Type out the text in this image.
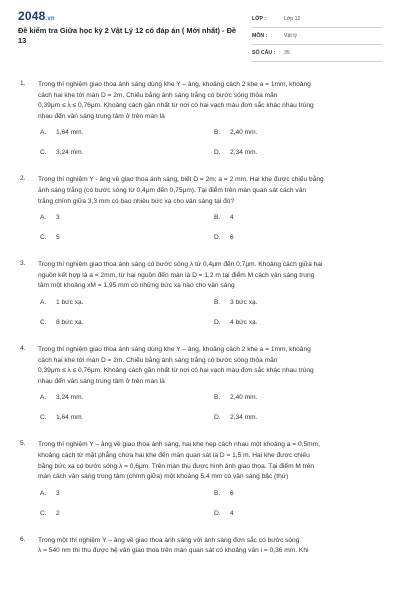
2048.vn
Đề kiểm tra Giữa học kỳ 2 Vật Lý 12 có đáp án ( Mới nhất) - Đề 13
LỚP :	Lớp 12
MÔN :	Vật lý
SỐ CÂU : 35
1. Trong thí nghiệm giao thoa ánh sáng dùng khe Y – âng, khoảng cách 2 khe a = 1mm, khoảng
cách hai khe tới màn D = 2m. Chiếu bằng ánh sáng trắng có bước sóng thỏa mãn
0,39μm ≤ λ ≤ 0,76μm. Khoảng cách gần nhất từ nơi có hai vạch màu đơn sắc khác nhau trùng
nhau đến vân sáng trung tâm ở trên màn là
A. 1,64 mm.	B. 2,40 mm.
C. 3,24 mm.	D. 2,34 mm.
2. Trong thí nghiệm Y - âng về giao thoa ánh sáng, biết D = 2m; a = 2 mm. Hai khe được chiếu bằng
ánh sáng trắng (có bước sóng từ 0,4μm đến 0,75μm). Tại điểm trên màn quan sát cách vân
trắng chính giữa 3,3 mm có bao nhiêu bức xạ cho vân sáng tại đó?
A. 3	B. 4
C. 5	D. 6
3. Trong thí nghiệm giao thoa ánh sáng có bước sóng λ từ 0,4μm đến 0,7μm. Khoảng cách giữa hai
nguồn kết hợp là a = 2mm, từ hai nguồn đến màn là D = 1,2 m tại điểm M cách vân sáng trung
tâm một khoảng xM = 1,95 mm có những bức xạ nào cho vân sáng
A. 1 bức xạ.	B. 3 bức xạ.
C. 8 bức xạ.	D. 4 bức xạ.
4. Trong thí nghiệm giao thoa ánh sáng dùng khe Y – âng, khoảng cách 2 khe a = 1mm, khoảng
cách hai khe tới màn D = 2m. Chiếu bằng ánh sáng trắng có bước sóng thỏa mãn
0,39μm ≤ λ ≤ 0,76μm. Khoảng cách gần nhất từ nơi có hai vạch màu đơn sắc khác nhau trùng
nhau đến vân sáng trung tâm ở trên màn là
A. 3,24 mm.	B. 2,40 mm.
C. 1,64 mm.	D. 2,34 mm.
5. Trong thí nghiệm Y – âng về giao thoa ánh sáng, hai khe hẹp cách nhau một khoảng a = 0,5mm,
khoảng cách từ mặt phẳng chứa hai khe đến màn quan sát là D = 1,5 m. Hai khe được chiếu
bằng bức xạ có bước sóng λ = 0,6μm. Trên màn thu được hình ảnh giao thoa. Tại điểm M trên
màn cách vân sáng trung tâm (chính giữa) một khoảng 5,4 mm có vân sáng bậc (thứ)
A. 3	B. 6
C. 2	D. 4
6. Trong một thí nghiệm Y – âng về giao thoa ánh sáng với ánh sáng đơn sắc có bước sóng
λ = 540 nm thì thu được hệ vân giao thoa trên màn quan sát có khoảng vân i = 0,36 mm. Khi
